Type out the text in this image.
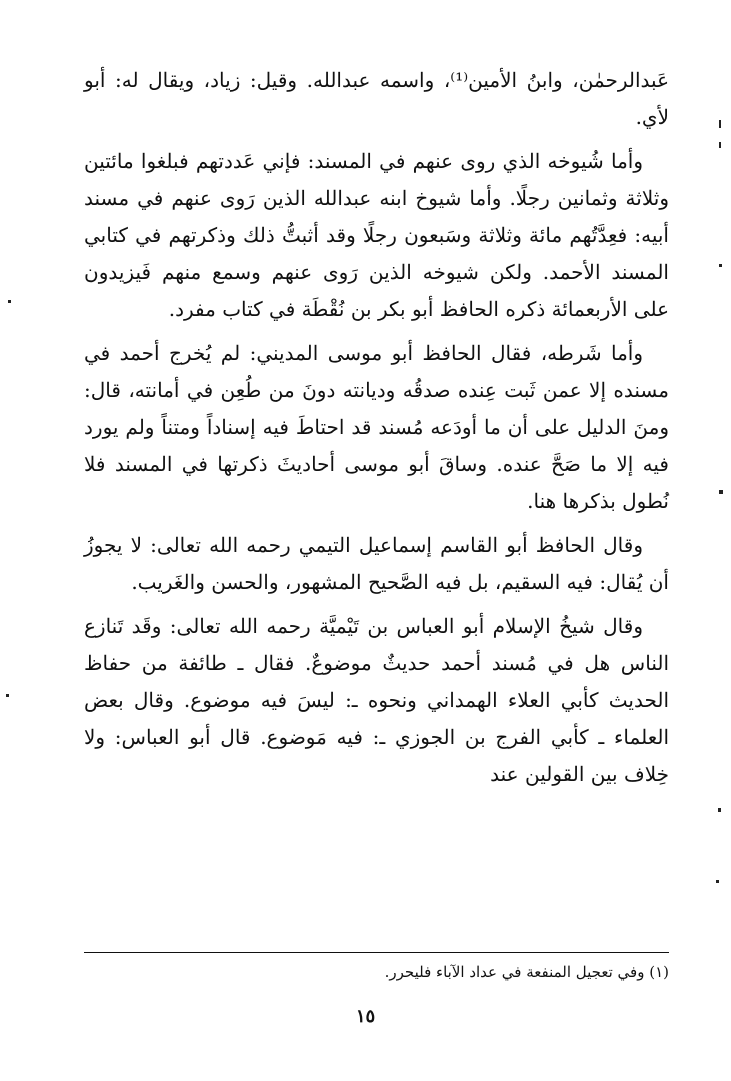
عَبدالرحمٰن، وابنُ الأمين⁽¹⁾، واسمه عبدالله. وقيل: زياد، ويقال له: أبو لأي.

وأما شُيوخه الذي روى عنهم في المسند: فإني عَددتهم فبلغوا مائتين وثلاثة وثمانين رجلًا. وأما شيوخ ابنه عبدالله الذين رَوى عنهم في مسند أبيه: فعِدَّتُهم مائة وثلاثة وسَبعون رجلًا وقد أثبتُّ ذلك وذكرتهم في كتابي المسند الأحمد. ولكن شيوخه الذين رَوى عنهم وسمع منهم فَيزيدون على الأربعمائة ذكره الحافظ أبو بكر بن نُقْطَة في كتاب مفرد.

وأما شَرطه، فقال الحافظ أبو موسى المديني: لم يُخرج أحمد في مسنده إلا عمن ثَبت عِنده صدقُه وديانته دونَ من طُعِن في أمانته، قال: ومنَ الدليل على أن ما أودَعه مُسند قد احتاطَ فيه إسناداً ومتناً ولم يورد فيه إلا ما صَحَّ عنده. وساقَ أبو موسى أحاديثَ ذكرتها في المسند فلا نُطول بذكرها هنا.

وقال الحافظ أبو القاسم إسماعيل التيمي رحمه الله تعالى: لا يجوزُ أن يُقال: فيه السقيم، بل فيه الصَّحيح المشهور، والحسن والغَريب.

وقال شيخُ الإسلام أبو العباس بن تَيْميَّة رحمه الله تعالى: وقَد تَنازع الناس هل في مُسند أحمد حديثٌ موضوعٌ. فقال ـ طائفة من حفاظ الحديث كأبي العلاء الهمداني ونحوه ـ: ليسَ فيه موضوع. وقال بعض العلماء ـ كأبي الفرج بن الجوزي ـ: فيه مَوضوع. قال أبو العباس: ولا خِلاف بين القولين عند

(١) وفي تعجيل المنفعة في عداد الآباء فليحرر.
١٥
